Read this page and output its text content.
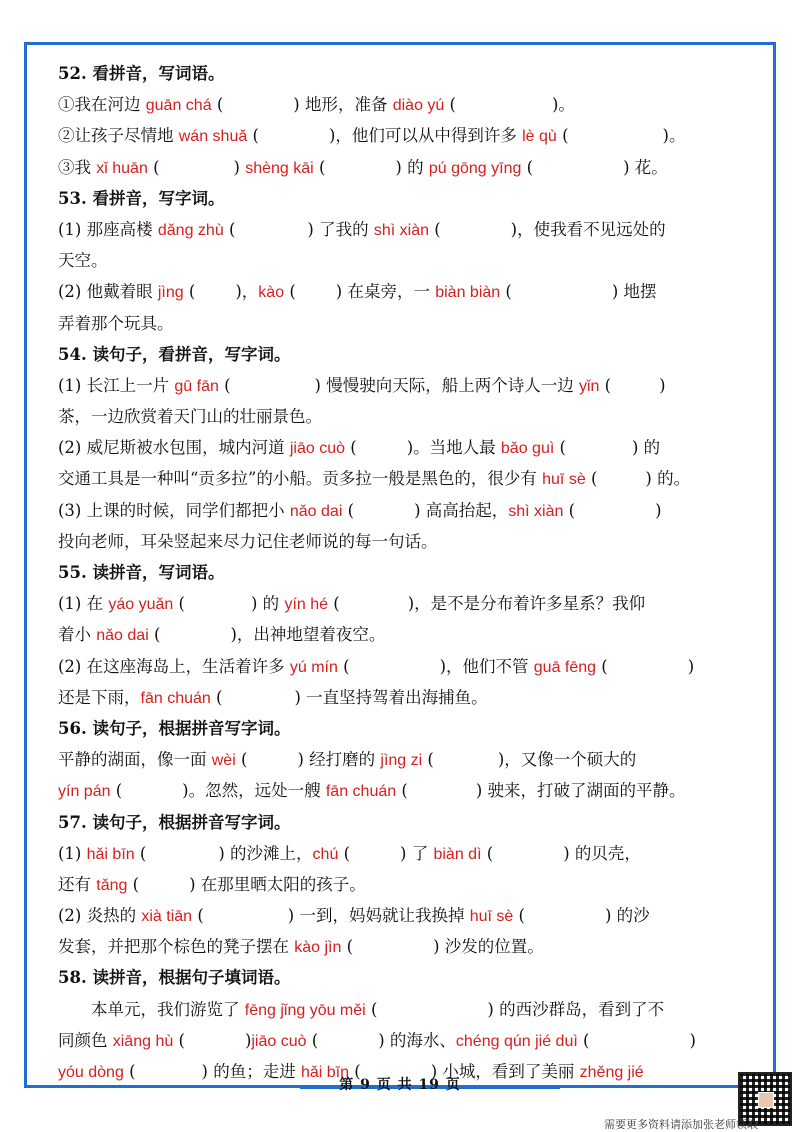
52. 看拼音，写词语。
①我在河边 guān chá (	) 地形，准备 diào yú (	)。
②让孩子尽情地 wán shuǎ (	)，他们可以从中得到许多 lè qù (	)。
③我 xǐ huān (	) shèng kāi (	) 的 pú gōng yīng (	) 花。
53. 看拼音，写字词。
(1) 那座高楼 dǎng zhù (	) 了我的 shì xiàn (	)，使我看不见远处的
天空。
(2) 他戴着眼 jìng ( )，kào ( ) 在桌旁，一 biàn biàn (	) 地摆
弄着那个玩具。
54. 读句子，看拼音，写字词。
(1) 长江上一片 gū fān (	) 慢慢驶向天际，船上两个诗人一边 yǐn (	)
茶，一边欣赏着天门山的壮丽景色。
(2) 威尼斯被水包围，城内河道 jiāo cuò (	)。当地人最 bǎo guì (	) 的
交通工具是一种叫“贡多拉”的小船。贡多拉一般是黑色的，很少有 huī sè (	) 的。
(3) 上课的时候，同学们都把小 nǎo dai (	) 高高抬起，shì xiàn (	)
投向老师，耳朵竖起来尽力记住老师说的每一句话。
55. 读拼音，写词语。
(1) 在 yáo yuǎn (	) 的 yín hé (	)，是不是分布着许多星系？我仰
着小 nǎo dai (	)，出神地望着夜空。
(2) 在这座海岛上，生活着许多 yú mín (	)，他们不管 guā fēng (	)
还是下雨，fān chuán (	) 一直坚持驾着出海捕鱼。
56. 读句子，根据拼音写字词。
平静的湖面，像一面 wèi (	) 经打磨的 jìng zi (	)，又像一个硕大的
yín pán (	)。忽然，远处一艘 fān chuán (	) 驶来，打破了湖面的平静。
57. 读句子，根据拼音写字词。
(1) hǎi bīn (	) 的沙滩上，chú (	) 了 biàn dì (	) 的贝壳，
还有 tǎng (	) 在那里晒太阳的孩子。
(2) 炎热的 xià tiān (	) 一到，妈妈就让我换掉 huī sè (	) 的沙
发套，并把那个棕色的凳子摆在 kào jìn (	) 沙发的位置。
58. 读拼音，根据句子填词语。
　　本单元，我们游览了 fēng jǐng yōu měi (	) 的西沙群岛，看到了不
同颜色 xiāng hù (	)jiāo cuò (	) 的海水、chéng qún jié duì (	)
yóu dòng (	) 的鱼；走进 hǎi bīn (	) 小城，看到了美丽 zhěng jié
第 9 页 共 19 页
需要更多资料请添加张老师领取
